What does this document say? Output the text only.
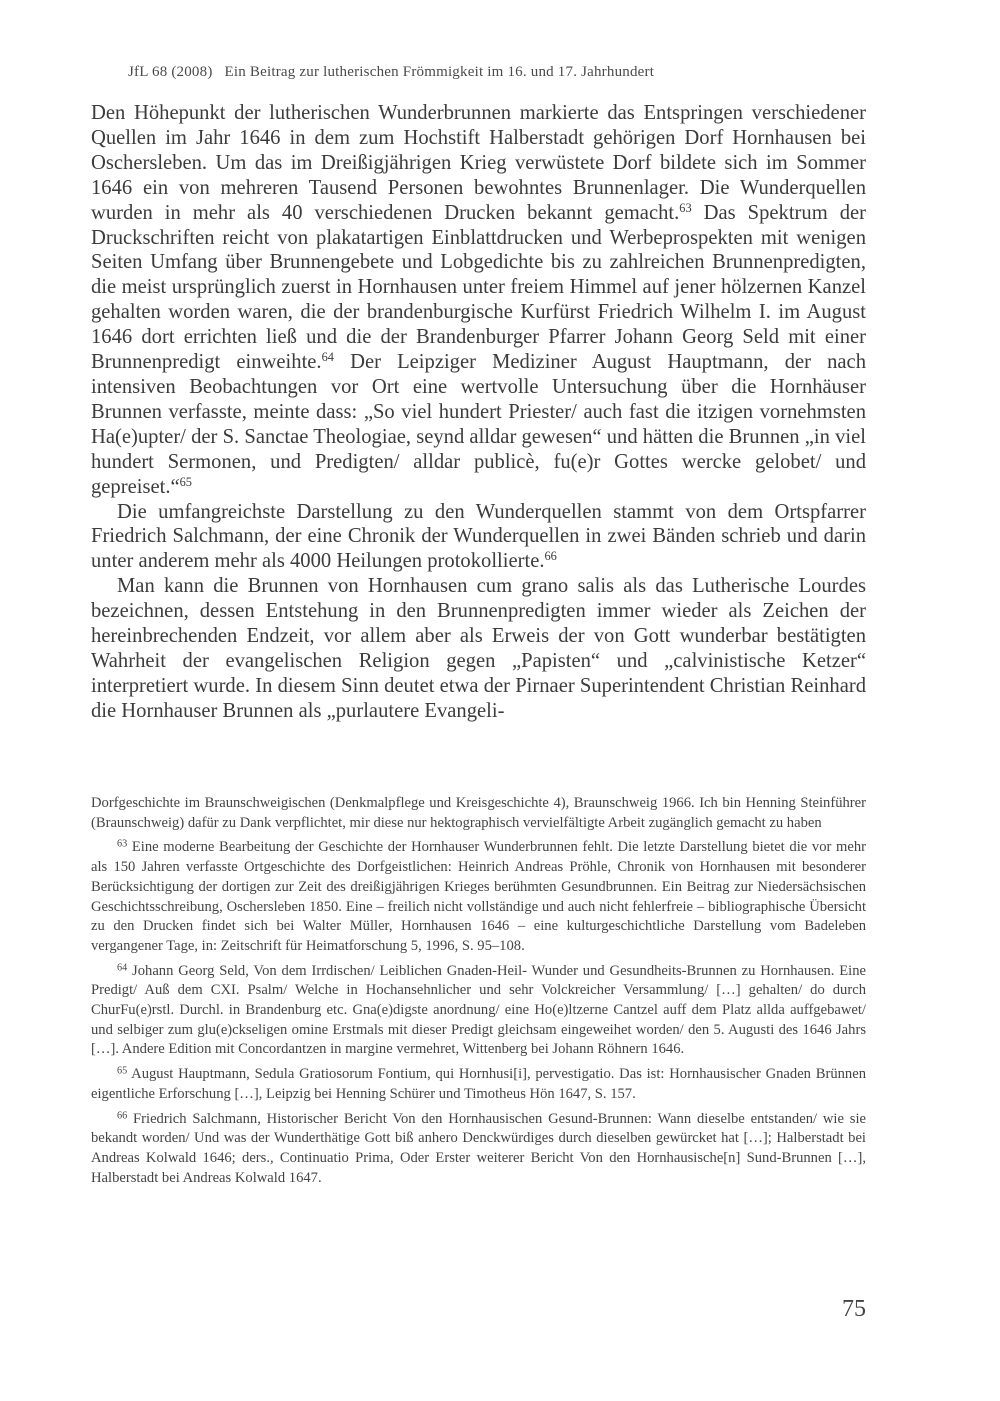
JfL 68 (2008) Ein Beitrag zur lutherischen Frömmigkeit im 16. und 17. Jahrhundert

Den Höhepunkt der lutherischen Wunderbrunnen markierte das Entspringen verschiedener Quellen im Jahr 1646 in dem zum Hochstift Halberstadt gehörigen Dorf Hornhausen bei Oschersleben. Um das im Dreißigjährigen Krieg verwüstete Dorf bildete sich im Sommer 1646 ein von mehreren Tausend Personen bewohntes Brunnenlager. Die Wunderquellen wurden in mehr als 40 verschiedenen Drucken bekannt gemacht.$^{63}$ Das Spektrum der Druckschriften reicht von plakatartigen Einblattdrucken und Werbeprospekten mit wenigen Seiten Umfang über Brunnengebete und Lobgedichte bis zu zahlreichen Brunnenpredigten, die meist ursprünglich zuerst in Hornhausen unter freiem Himmel auf jener hölzernen Kanzel gehalten worden waren, die der brandenburgische Kurfürst Friedrich Wilhelm I. im August 1646 dort errichten ließ und die der Brandenburger Pfarrer Johann Georg Seld mit einer Brunnenpredigt einweihte.$^{64}$ Der Leipziger Mediziner August Hauptmann, der nach intensiven Beobachtungen vor Ort eine wertvolle Untersuchung über die Hornhäuser Brunnen verfasste, meinte dass: „So viel hundert Priester/ auch fast die itzigen vornehmsten Ha(e)upter/ der S. Sanctae Theologiae, seynd alldar gewesen“ und hätten die Brunnen „in viel hundert Sermonen, und Predigten/ alldar publicè, fu(e)r Gottes wercke gelobet/ und gepreiset.“$^{65}$

Die umfangreichste Darstellung zu den Wunderquellen stammt von dem Ortspfarrer Friedrich Salchmann, der eine Chronik der Wunderquellen in zwei Bänden schrieb und darin unter anderem mehr als 4000 Heilungen protokollierte.$^{66}$

Man kann die Brunnen von Hornhausen cum grano salis als das Lutherische Lourdes bezeichnen, dessen Entstehung in den Brunnenpredigten immer wieder als Zeichen der hereinbrechenden Endzeit, vor allem aber als Erweis der von Gott wunderbar bestätigten Wahrheit der evangelischen Religion gegen „Papisten“ und „calvinistische Ketzer“ interpretiert wurde. In diesem Sinn deutet etwa der Pirnaer Superintendent Christian Reinhard die Hornhauser Brunnen als „purlautere Evangeli-

Dorfgeschichte im Braunschweigischen (Denkmalpflege und Kreisgeschichte 4), Braunschweig 1966. Ich bin Henning Steinführer (Braunschweig) dafür zu Dank verpflichtet, mir diese nur hektographisch vervielfältigte Arbeit zugänglich gemacht zu haben

$^{63}$ Eine moderne Bearbeitung der Geschichte der Hornhauser Wunderbrunnen fehlt. Die letzte Darstellung bietet die vor mehr als 150 Jahren verfasste Ortgeschichte des Dorfgeistlichen: Heinrich Andreas Pröhle, Chronik von Hornhausen mit besonderer Berücksichtigung der dortigen zur Zeit des dreißigjährigen Krieges berühmten Gesundbrunnen. Ein Beitrag zur Niedersächsischen Geschichtsschreibung, Oschersleben 1850. Eine – freilich nicht vollständige und auch nicht fehlerfreie – bibliographische Übersicht zu den Drucken findet sich bei Walter Müller, Hornhausen 1646 – eine kulturgeschichtliche Darstellung vom Badeleben vergangener Tage, in: Zeitschrift für Heimatforschung 5, 1996, S. 95–108.

$^{64}$ Johann Georg Seld, Von dem Irrdischen/ Leiblichen Gnaden-Heil- Wunder und Gesundheits-Brunnen zu Hornhausen. Eine Predigt/ Auß dem CXI. Psalm/ Welche in Hochansehnlicher und sehr Volckreicher Versammlung/ […] gehalten/ do durch ChurFu(e)rstl. Durchl. in Brandenburg etc. Gna(e)digste anordnung/ eine Ho(e)ltzerne Cantzel auff dem Platz allda auffgebawet/ und selbiger zum glu(e)ckseligen omine Erstmals mit dieser Predigt gleichsam eingeweihet worden/ den 5. Augusti des 1646 Jahrs […]. Andere Edition mit Concordantzen in margine vermehret, Wittenberg bei Johann Röhnern 1646.

$^{65}$ August Hauptmann, Sedula Gratiosorum Fontium, qui Hornhusi[i], pervestigatio. Das ist: Hornhausischer Gnaden Brünnen eigentliche Erforschung […], Leipzig bei Henning Schürer und Timotheus Hön 1647, S. 157.

$^{66}$ Friedrich Salchmann, Historischer Bericht Von den Hornhausischen Gesund-Brunnen: Wann dieselbe entstanden/ wie sie bekandt worden/ Und was der Wunderthätige Gott biß anhero Denckwürdiges durch dieselben gewürcket hat […]; Halberstadt bei Andreas Kolwald 1646; ders., Continuatio Prima, Oder Erster weiterer Bericht Von den Hornhausische[n] Sund-Brunnen […], Halberstadt bei Andreas Kolwald 1647.

75
